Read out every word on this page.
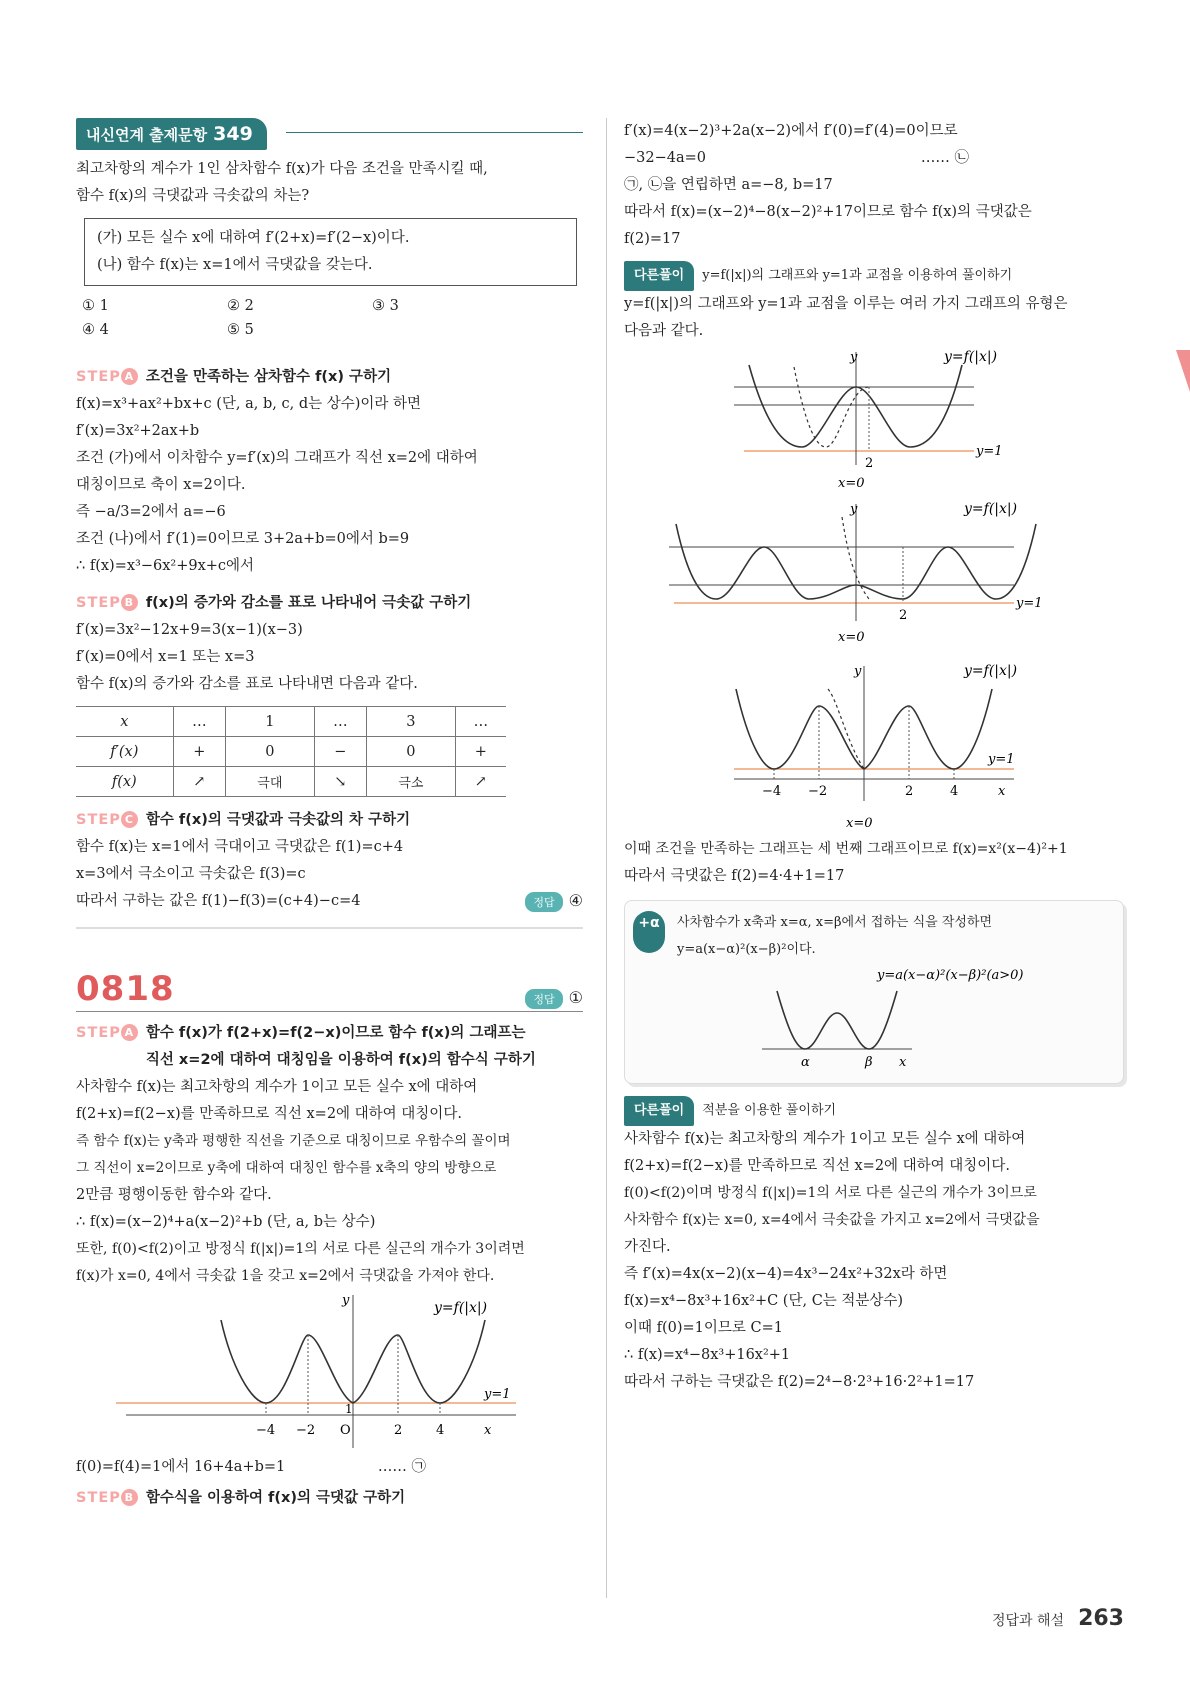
내신연계 출제문항 349
최고차항의 계수가 1인 삼차함수 f(x)가 다음 조건을 만족시킬 때,
함수 f(x)의 극댓값과 극솟값의 차는?
(가) 모든 실수 x에 대하여 f′(2+x)=f′(2−x)이다.
(나) 함수 f(x)는 x=1에서 극댓값을 갖는다.
① 1	② 2	③ 3
④ 4	⑤ 5
STEP A 조건을 만족하는 삼차함수 f(x) 구하기
f(x)=x³+ax²+bx+c (단, a, b, c, d는 상수)이라 하면
f′(x)=3x²+2ax+b
조건 (가)에서 이차함수 y=f′(x)의 그래프가 직선 x=2에 대하여
대칭이므로 축이 x=2이다.
즉 −a/3=2에서 a=−6
조건 (나)에서 f′(1)=0이므로 3+2a+b=0에서 b=9
∴ f(x)=x³−6x²+9x+c에서
STEP B f(x)의 증가와 감소를 표로 나타내어 극솟값 구하기
f′(x)=3x²−12x+9=3(x−1)(x−3)
f′(x)=0에서 x=1 또는 x=3
함수 f(x)의 증가와 감소를 표로 나타내면 다음과 같다.
x	…	1	…	3	…
f′(x)	+	0	−	0	+
f(x)	↗	극대	↘	극소	↗
STEP C 함수 f(x)의 극댓값과 극솟값의 차 구하기
함수 f(x)는 x=1에서 극대이고 극댓값은 f(1)=c+4
x=3에서 극소이고 극솟값은 f(3)=c
따라서 구하는 값은 f(1)−f(3)=(c+4)−c=4	정답 ④
0818	정답 ①
STEP A 함수 f(x)가 f(2+x)=f(2−x)이므로 함수 f(x)의 그래프는
직선 x=2에 대하여 대칭임을 이용하여 f(x)의 함수식 구하기
사차함수 f(x)는 최고차항의 계수가 1이고 모든 실수 x에 대하여
f(2+x)=f(2−x)를 만족하므로 직선 x=2에 대하여 대칭이다.
즉 함수 f(x)는 y축과 평행한 직선을 기준으로 대칭이므로 우함수의 꼴이며
그 직선이 x=2이므로 y축에 대하여 대칭인 함수를 x축의 양의 방향으로
2만큼 평행이동한 함수와 같다.
∴ f(x)=(x−2)⁴+a(x−2)²+b (단, a, b는 상수)
또한, f(0)<f(2)이고 방정식 f(|x|)=1의 서로 다른 실근의 개수가 3이려면
f(x)가 x=0, 4에서 극솟값 1을 갖고 x=2에서 극댓값을 가져야 한다.
y	y=f(|x|)
y=1
1
−4 −2 O	2	4	x
f(0)=f(4)=1에서 16+4a+b=1	…… ㉠
STEP B 함수식을 이용하여 f(x)의 극댓값 구하기
f′(x)=4(x−2)³+2a(x−2)에서 f′(0)=f′(4)=0이므로
−32−4a=0	…… ㉡
㉠, ㉡을 연립하면 a=−8, b=17
따라서 f(x)=(x−2)⁴−8(x−2)²+17이므로 함수 f(x)의 극댓값은
f(2)=17
다른풀이	y=f(|x|)의 그래프와 y=1과 교점을 이용하여 풀이하기
y=f(|x|)의 그래프와 y=1과 교점을 이루는 여러 가지 그래프의 유형은
다음과 같다.
y	y=f(|x|)
y=1
2
x=0
y	y=f(|x|)
y=1
2
x=0
y	y=f(|x|)
y=1
−4 −2	2	4	x
x=0
이때 조건을 만족하는 그래프는 세 번째 그래프이므로 f(x)=x²(x−4)²+1
따라서 극댓값은 f(2)=4·4+1=17
+α	사차함수가 x축과 x=α, x=β에서 접하는 식을 작성하면
y=a(x−α)²(x−β)²이다.
y=a(x−α)²(x−β)²(a>0)
α	β x
다른풀이	적분을 이용한 풀이하기
사차함수 f(x)는 최고차항의 계수가 1이고 모든 실수 x에 대하여
f(2+x)=f(2−x)를 만족하므로 직선 x=2에 대하여 대칭이다.
f(0)<f(2)이며 방정식 f(|x|)=1의 서로 다른 실근의 개수가 3이므로
사차함수 f(x)는 x=0, x=4에서 극솟값을 가지고 x=2에서 극댓값을
가진다.
즉 f′(x)=4x(x−2)(x−4)=4x³−24x²+32x라 하면
f(x)=x⁴−8x³+16x²+C (단, C는 적분상수)
이때 f(0)=1이므로 C=1
∴ f(x)=x⁴−8x³+16x²+1
따라서 구하는 극댓값은 f(2)=2⁴−8·2³+16·2²+1=17
정답과 해설 263
